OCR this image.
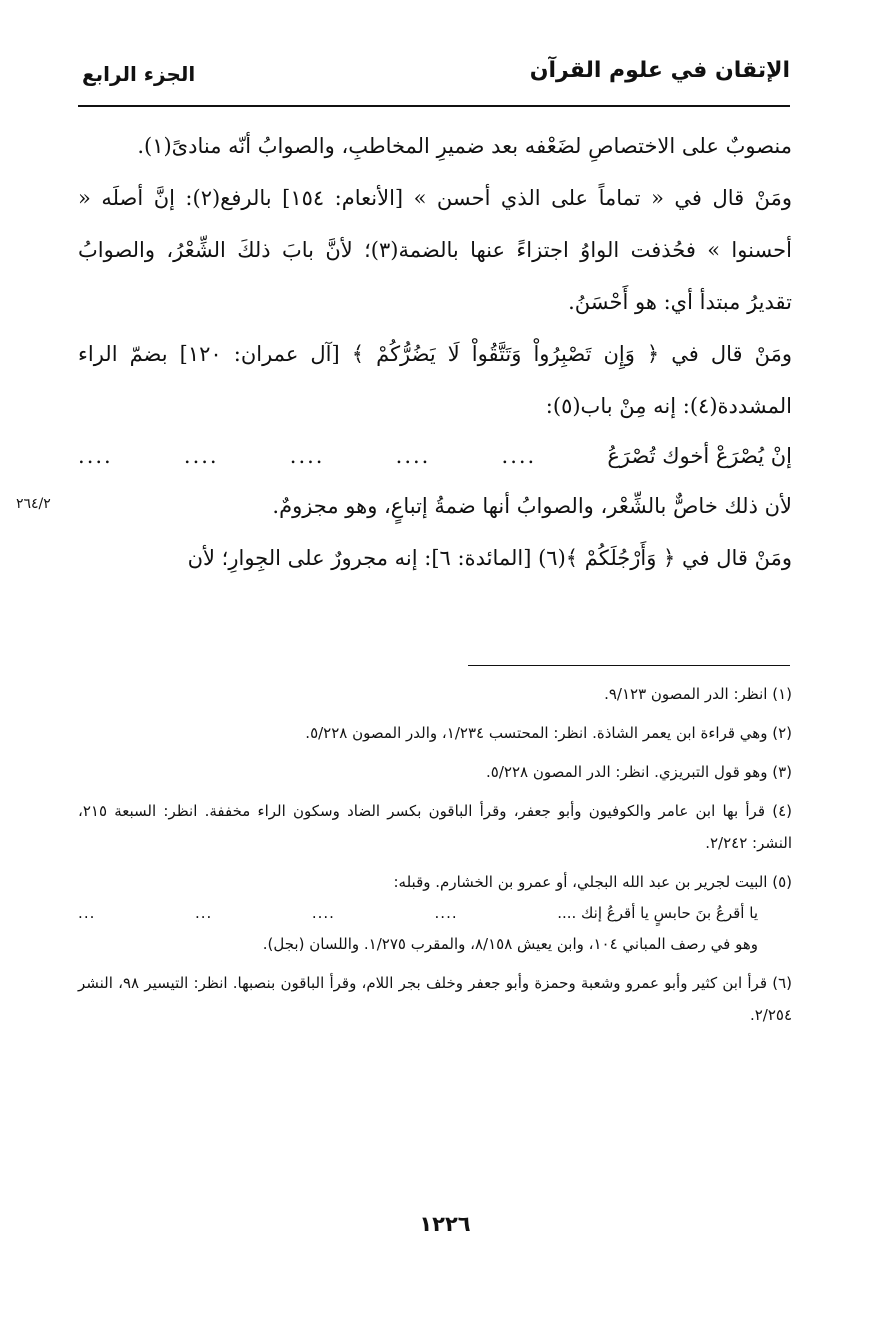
الإتقان في علوم القرآن
الجزء الرابع

منصوبٌ على الاختصاصِ لضَعْفه بعد ضميرِ المخاطبِ، والصوابُ أنّه منادىً(١).

ومَنْ قال في « تماماً على الذي أحسن » [الأنعام: ١٥٤] بالرفع(٢): إنَّ أصلَه « أحسنوا » فحُذفت الواوُ اجتزاءً عنها بالضمة(٣)؛ لأنَّ بابَ ذلكَ الشِّعْرُ، والصوابُ تقديرُ مبتدأ أي: هو أَحْسَنُ.

ومَنْ قال في ﴿ وَإِن تَصْبِرُواْ وَتَتَّقُواْ لَا يَضُرُّكُمْ ﴾ [آل عمران: ١٢٠] بضمّ الراء المشددة(٤): إنه مِنْ باب(٥):

إنْ يُصْرَعْ أخوك تُصْرَعُ
....
....
....
....
....

لأن ذلك خاصٌّ بالشِّعْر، والصوابُ أنها ضمةُ إتباعٍ، وهو مجزومٌ.

ومَنْ قال في ﴿ وَأَرْجُلَكُمْ ﴾(٦) [المائدة: ٦]: إنه مجرورٌ على الجِوارِ؛ لأن

٢٦٤/٢

(١) انظر: الدر المصون ٩/١٢٣.

(٢) وهي قراءة ابن يعمر الشاذة. انظر: المحتسب ١/٢٣٤، والدر المصون ٥/٢٢٨.

(٣) وهو قول التبريزي. انظر: الدر المصون ٥/٢٢٨.

(٤) قرأ بها ابن عامر والكوفيون وأبو جعفر، وقرأ الباقون بكسر الضاد وسكون الراء مخففة. انظر: السبعة ٢١٥، النشر: ٢/٢٤٢.

(٥) البيت لجرير بن عبد الله البجلي، أو عمرو بن الخشارم. وقبله:

يا أقرعُ بنَ حابسٍ يا أقرعُ إنك ....
....
....
...
...

وهو في رصف المباني ١٠٤، وابن يعيش ٨/١٥٨، والمقرب ١/٢٧٥. واللسان (بجل).

(٦) قرأ ابن كثير وأبو عمرو وشعبة وحمزة وأبو جعفر وخلف بجر اللام، وقرأ الباقون بنصبها. انظر: التيسير ٩٨، النشر ٢/٢٥٤.

١٢٢٦
